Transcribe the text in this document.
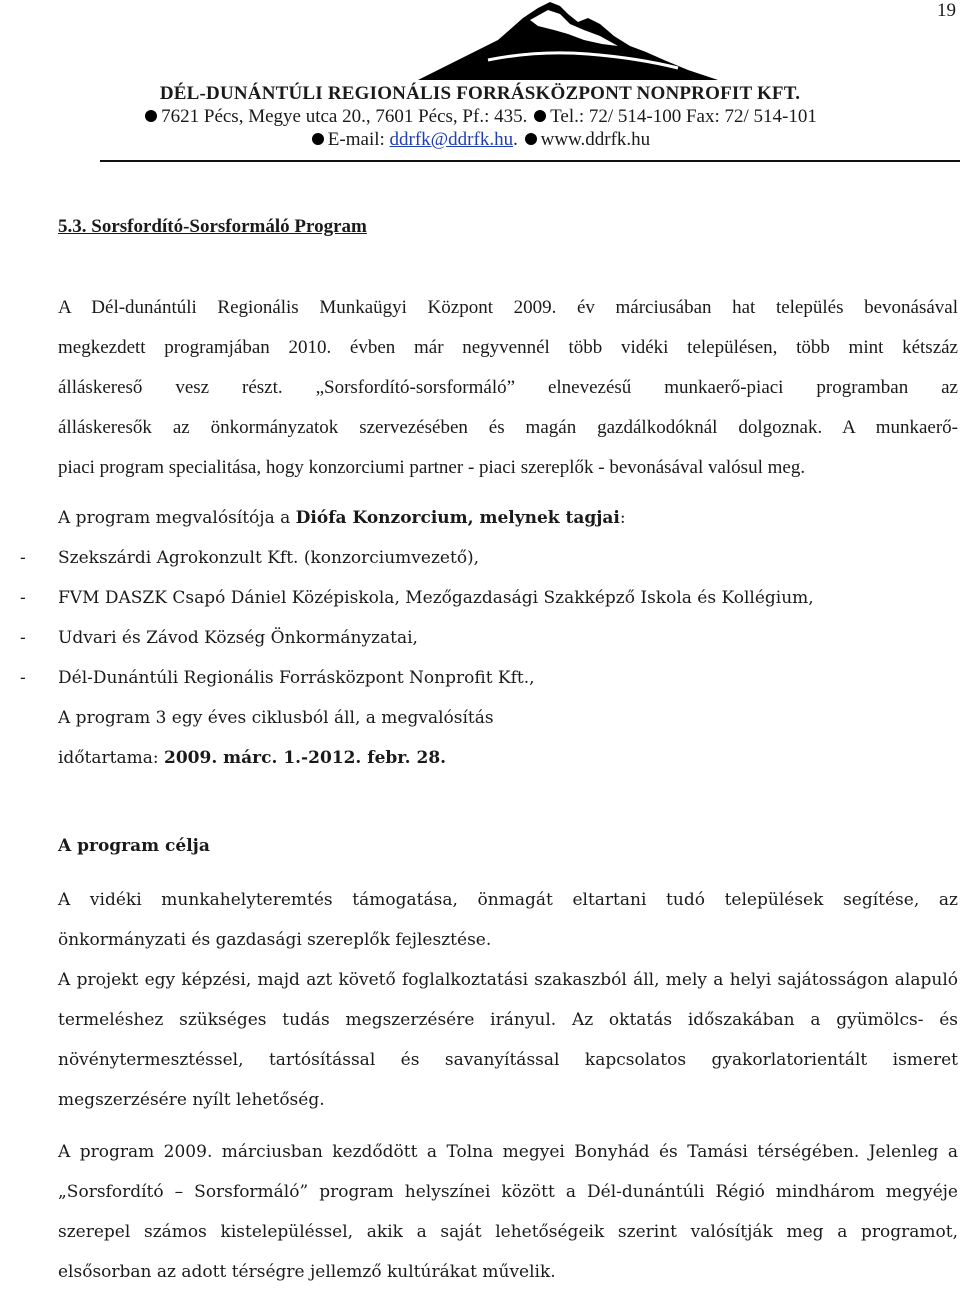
19
DÉL-DUNÁNTÚLI REGIONÁLIS FORRÁSKÖZPONT NONPROFIT KFT.
7621 Pécs, Megye utca 20., 7601 Pécs, Pf.: 435. Tel.: 72/ 514-100 Fax: 72/ 514-101
E-mail: ddrfk@ddrfk.hu. www.ddrfk.hu
5.3. Sorsfordító-Sorsformáló Program
A Dél-dunántúli Regionális Munkaügyi Központ 2009. év márciusában hat település bevonásával
megkezdett programjában 2010. évben már negyvennél több vidéki településen, több mint kétszáz
álláskereső vesz részt. „Sorsfordító-sorsformáló” elnevezésű munkaerő-piaci programban az
álláskeresők az önkormányzatok szervezésében és magán gazdálkodóknál dolgoznak. A munkaerő-
piaci program specialitása, hogy konzorciumi partner - piaci szereplők - bevonásával valósul meg.
A program megvalósítója a Diófa Konzorcium, melynek tagjai:
- Szekszárdi Agrokonzult Kft. (konzorciumvezető),
- FVM DASZK Csapó Dániel Középiskola, Mezőgazdasági Szakképző Iskola és Kollégium,
- Udvari és Závod Község Önkormányzatai,
- Dél-Dunántúli Regionális Forrásközpont Nonprofit Kft.,
A program 3 egy éves ciklusból áll, a megvalósítás
időtartama: 2009. márc. 1.-2012. febr. 28.
A program célja
A vidéki munkahelyteremtés támogatása, önmagát eltartani tudó települések segítése, az
önkormányzati és gazdasági szereplők fejlesztése.
A projekt egy képzési, majd azt követő foglalkoztatási szakaszból áll, mely a helyi sajátosságon alapuló
termeléshez szükséges tudás megszerzésére irányul. Az oktatás időszakában a gyümölcs- és
növénytermesztéssel, tartósítással és savanyítással kapcsolatos gyakorlatorientált ismeret
megszerzésére nyílt lehetőség.
A program 2009. márciusban kezdődött a Tolna megyei Bonyhád és Tamási térségében. Jelenleg a
„Sorsfordító – Sorsformáló” program helyszínei között a Dél-dunántúli Régió mindhárom megyéje
szerepel számos kistelepüléssel, akik a saját lehetőségeik szerint valósítják meg a programot,
elsősorban az adott térségre jellemző kultúrákat művelik.
